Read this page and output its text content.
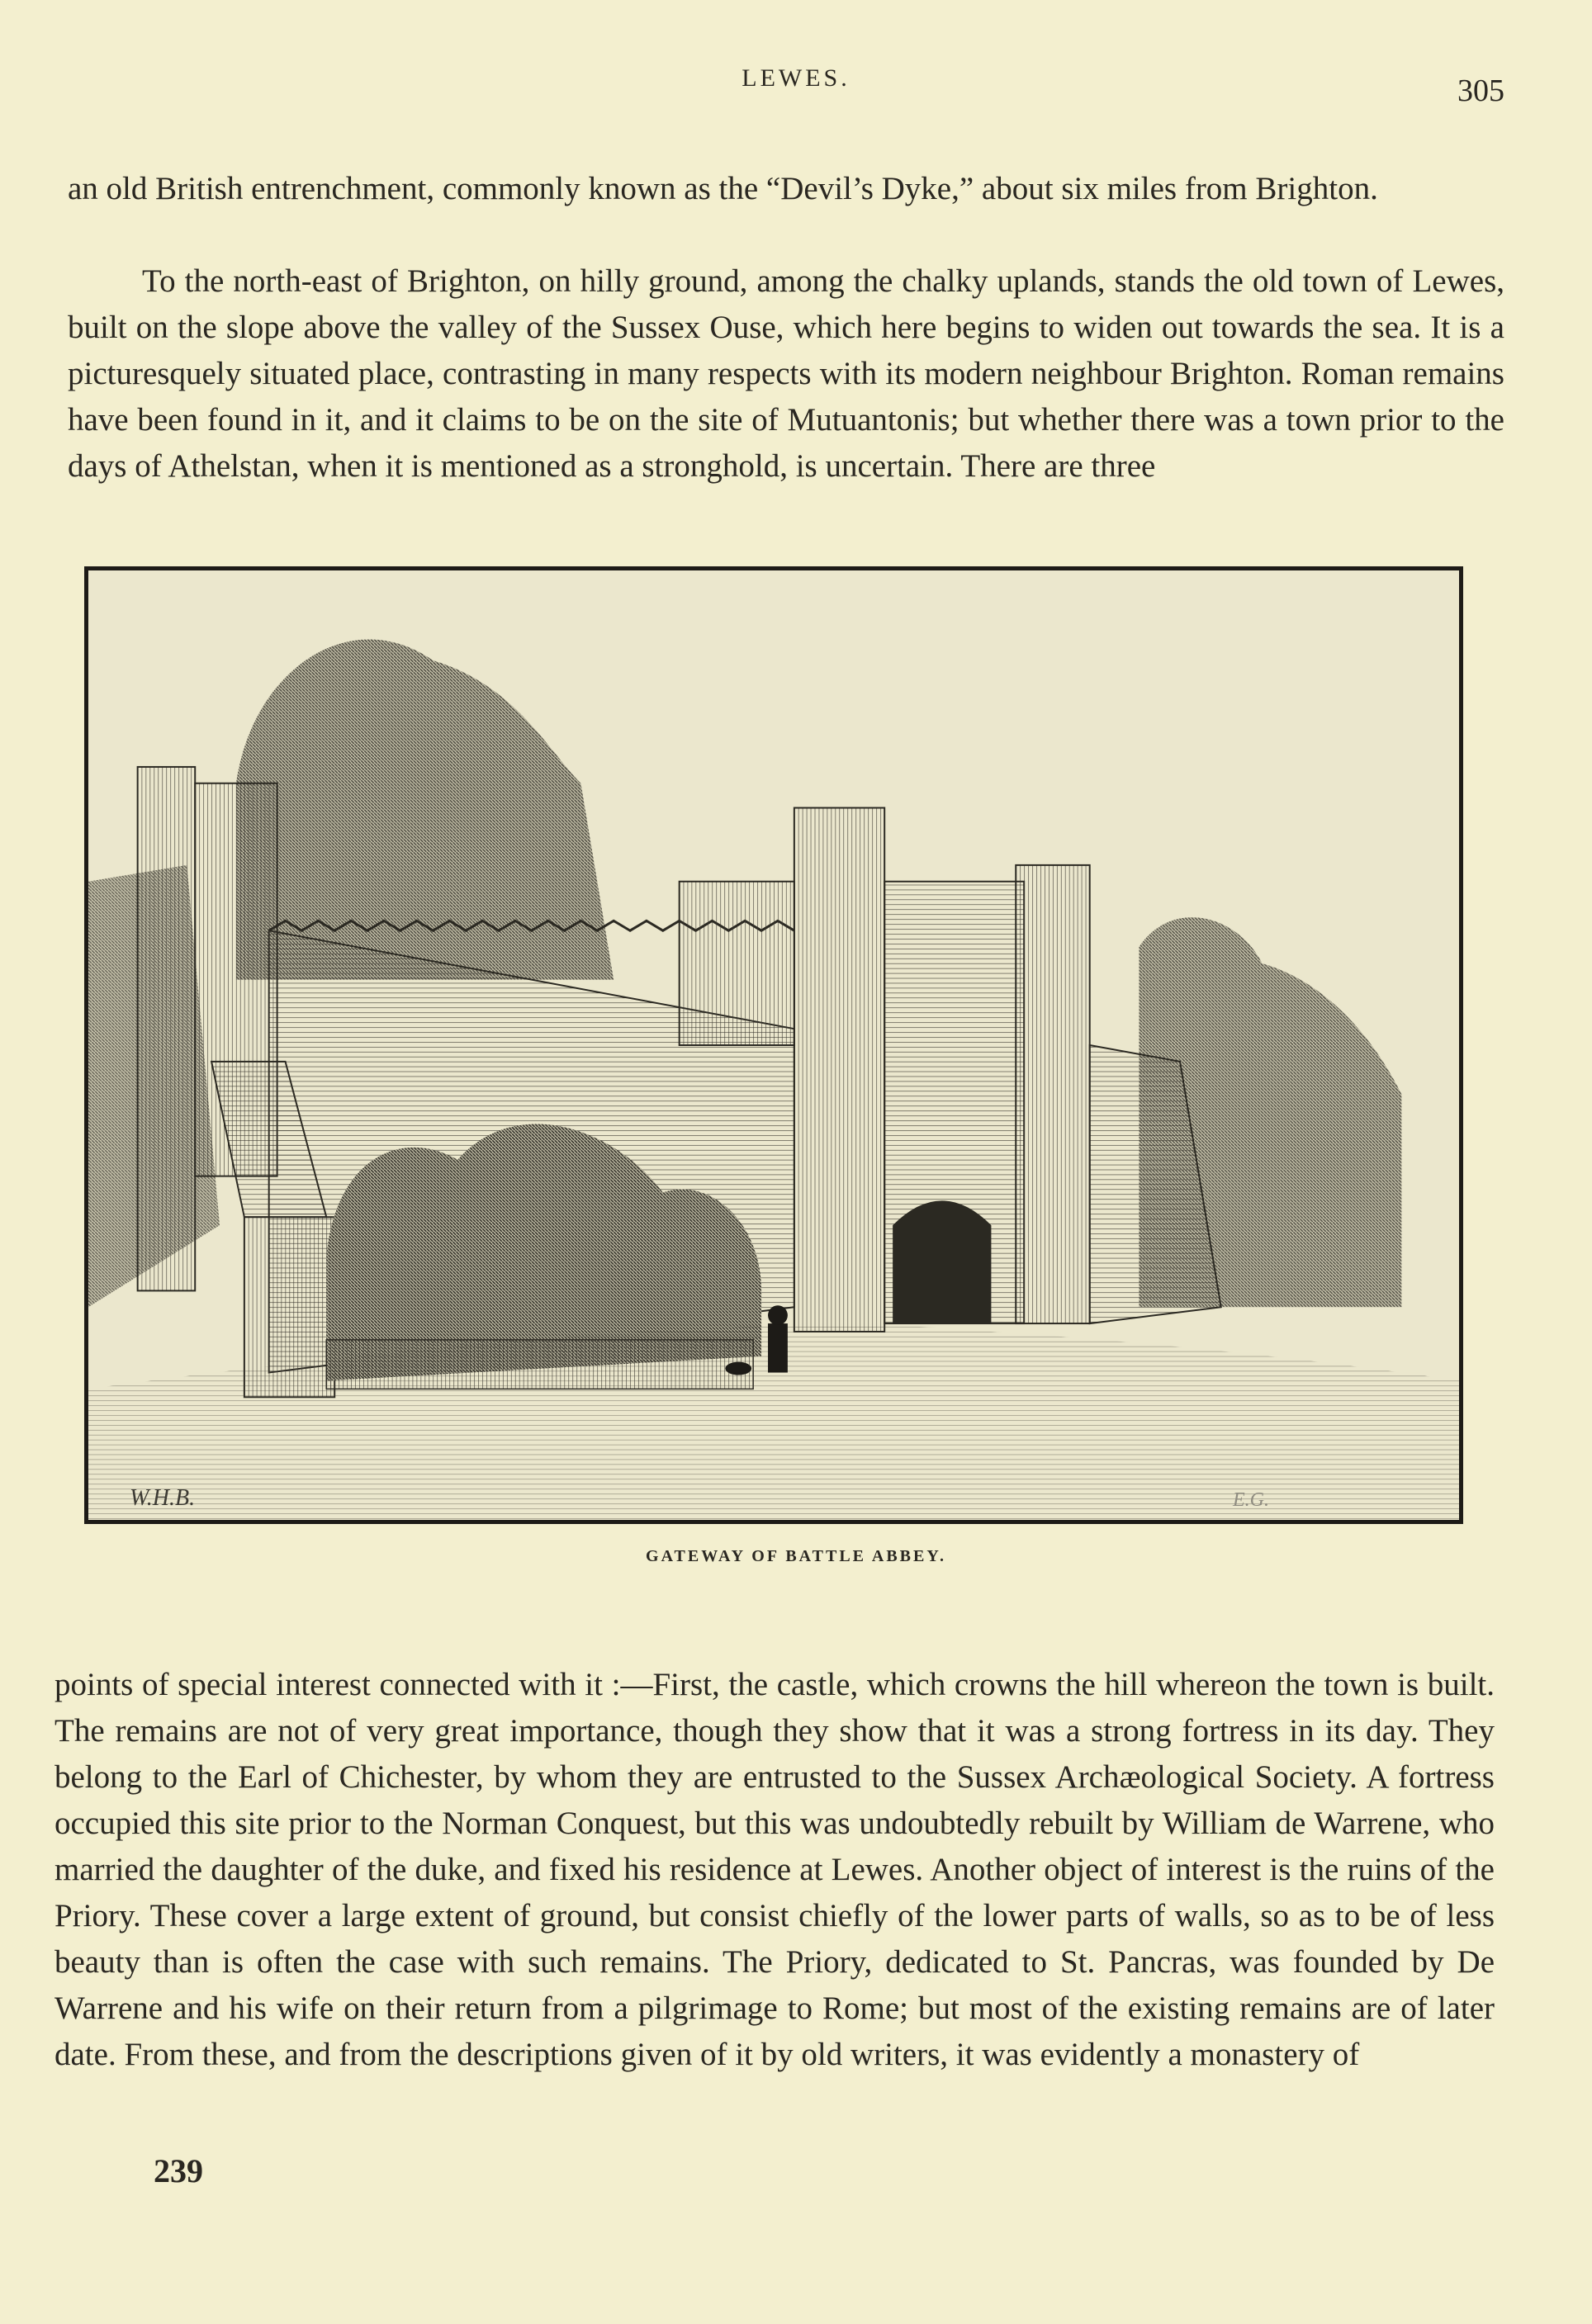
LEWES.	305

an old British entrenchment, commonly known as the “Devil’s Dyke,” about six miles from Brighton.

To the north-east of Brighton, on hilly ground, among the chalky uplands, stands the old town of Lewes, built on the slope above the valley of the Sussex Ouse, which here begins to widen out towards the sea. It is a picturesquely situated place, contrasting in many respects with its modern neighbour Brighton. Roman remains have been found in it, and it claims to be on the site of Mutuantonis; but whether there was a town prior to the days of Athelstan, when it is mentioned as a stronghold, is uncertain. There are three

W.H.B.	E.G.
GATEWAY OF BATTLE ABBEY.

points of special interest connected with it :—First, the castle, which crowns the hill whereon the town is built. The remains are not of very great importance, though they show that it was a strong fortress in its day. They belong to the Earl of Chichester, by whom they are entrusted to the Sussex Archæological Society. A fortress occupied this site prior to the Norman Conquest, but this was undoubtedly rebuilt by William de Warrene, who married the daughter of the duke, and fixed his residence at Lewes. Another object of interest is the ruins of the Priory. These cover a large extent of ground, but consist chiefly of the lower parts of walls, so as to be of less beauty than is often the case with such remains. The Priory, dedicated to St. Pancras, was founded by De Warrene and his wife on their return from a pilgrimage to Rome; but most of the existing remains are of later date. From these, and from the descriptions given of it by old writers, it was evidently a monastery of

239
